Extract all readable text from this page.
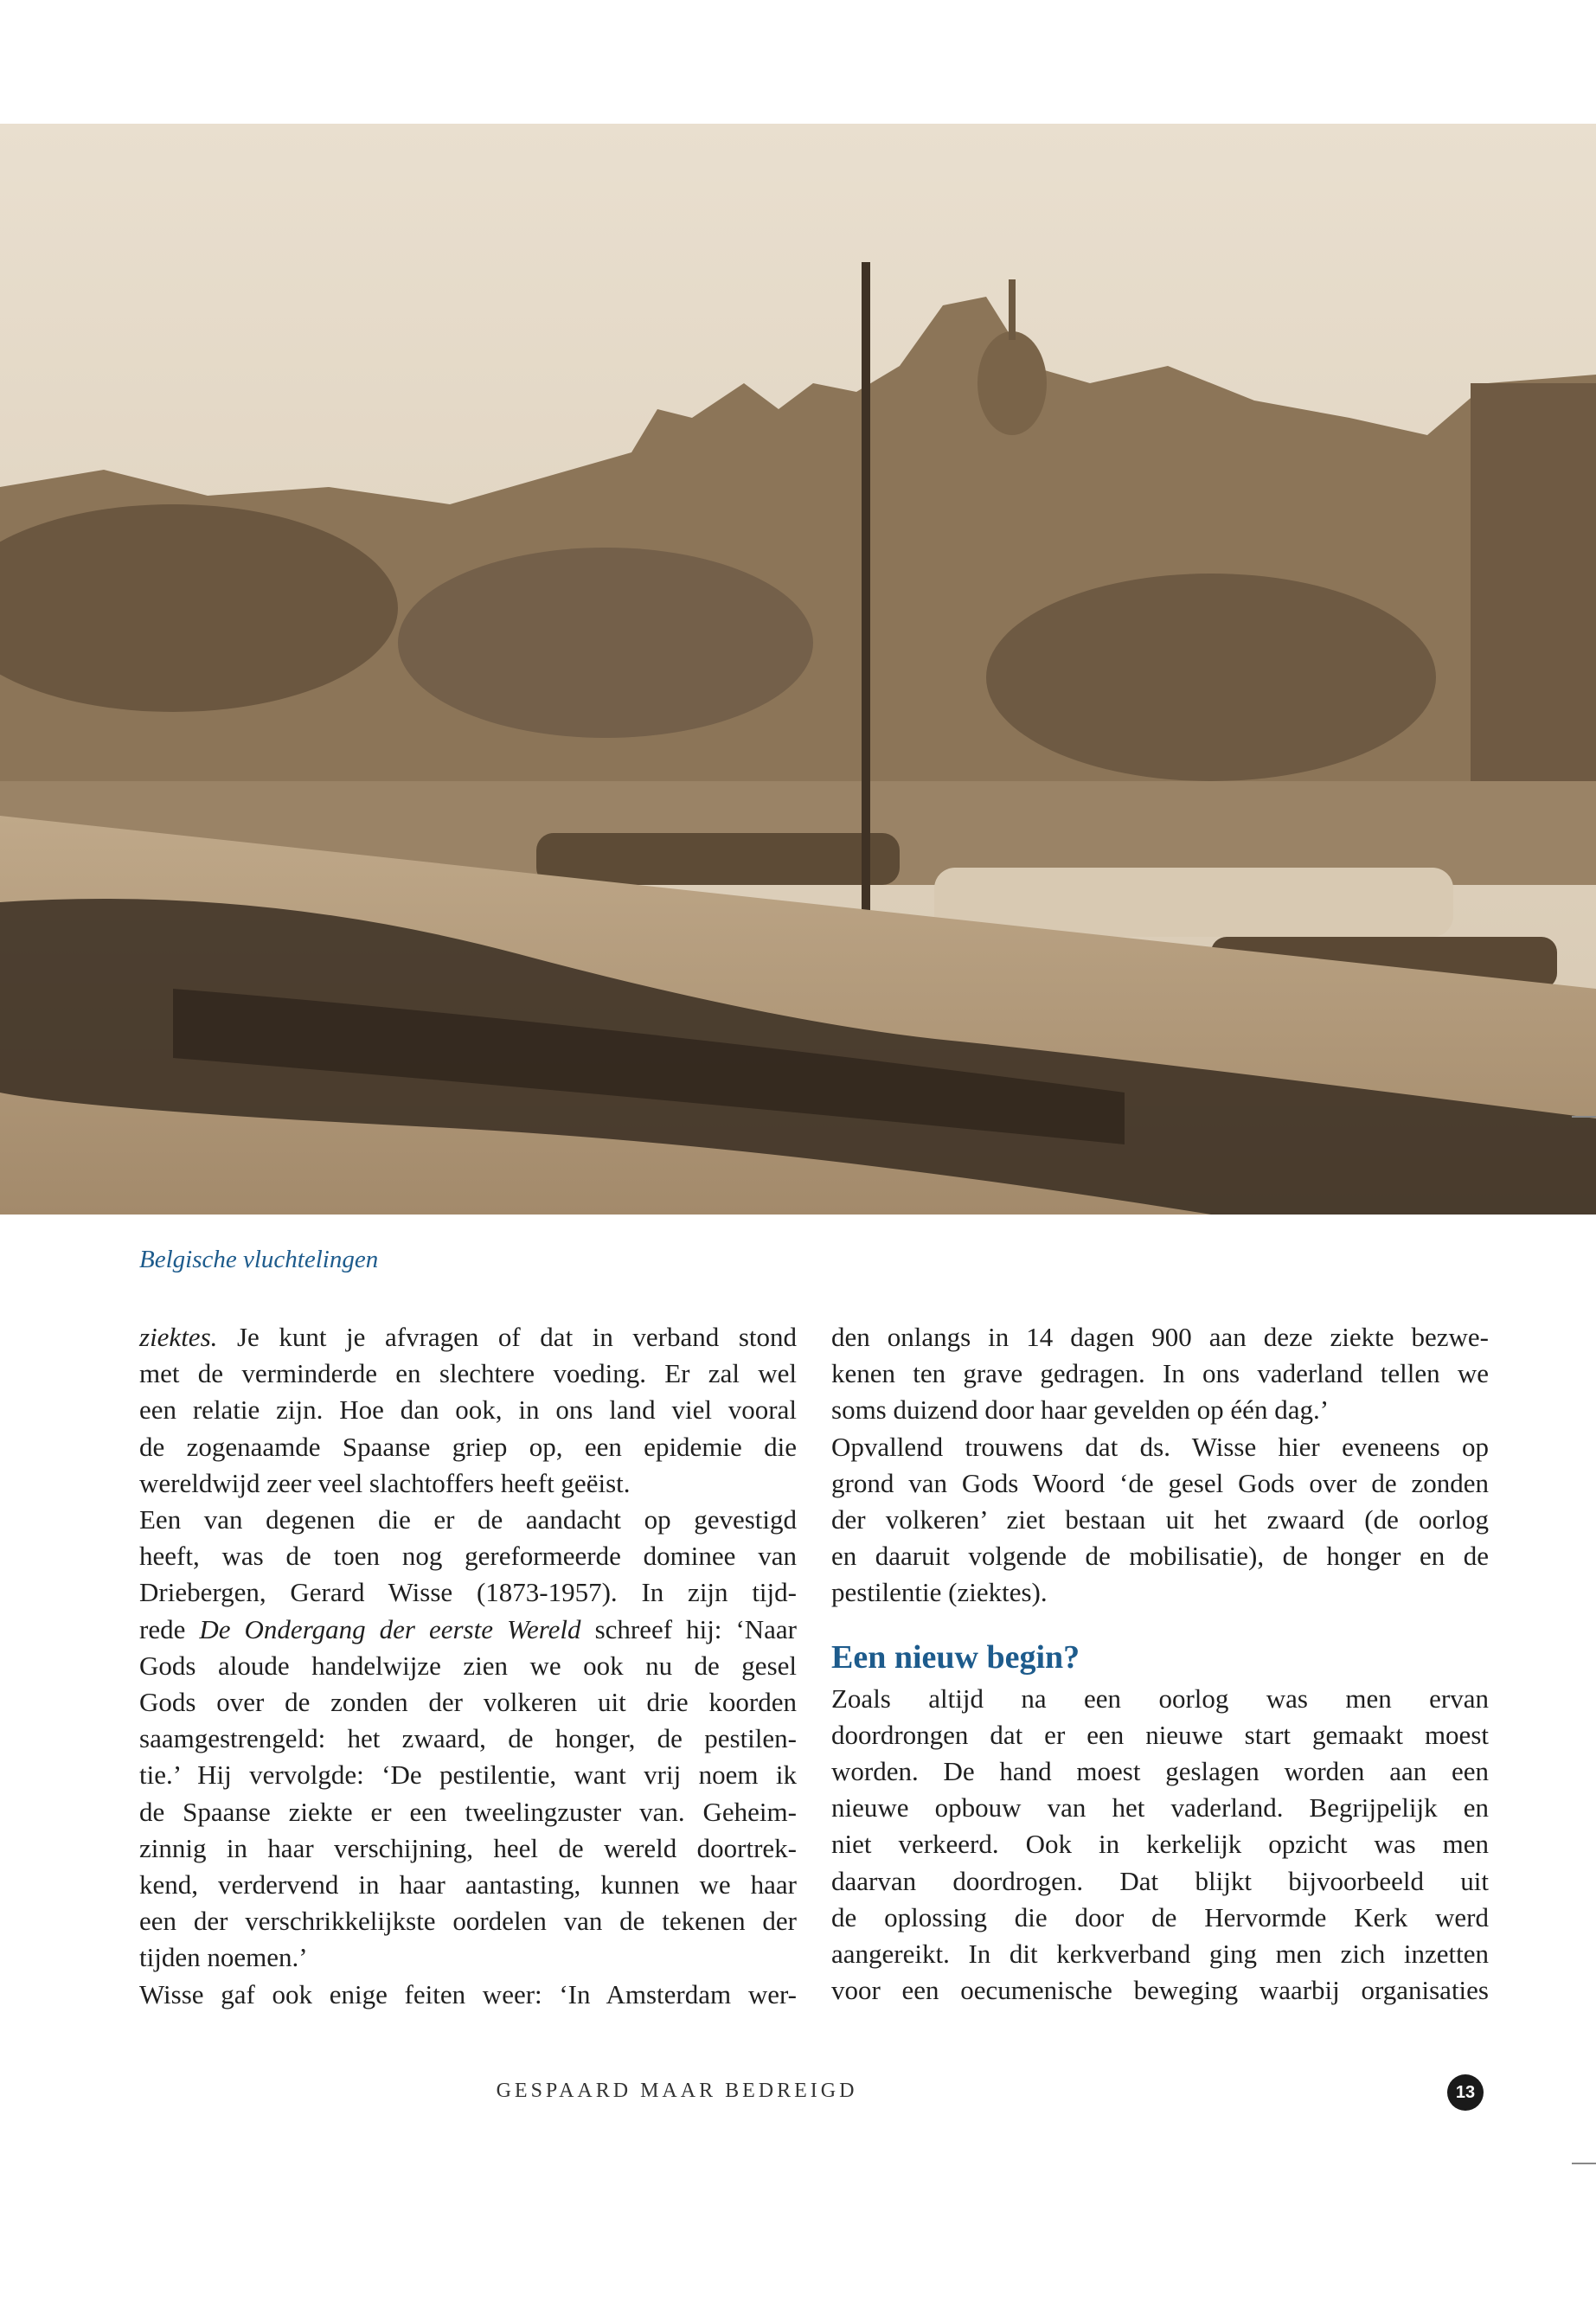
Belgische vluchtelingen

ziektes. Je kunt je afvragen of dat in verband stond
met de verminderde en slechtere voeding. Er zal wel
een relatie zijn. Hoe dan ook, in ons land viel vooral
de zogenaamde Spaanse griep op, een epidemie die
wereldwijd zeer veel slachtoffers heeft geëist.
Een van degenen die er de aandacht op gevestigd
heeft, was de toen nog gereformeerde dominee van
Driebergen, Gerard Wisse (1873-1957). In zijn tijd-
rede De Ondergang der eerste Wereld schreef hij: ‘Naar
Gods aloude handelwijze zien we ook nu de gesel
Gods over de zonden der volkeren uit drie koorden
saamgestrengeld: het zwaard, de honger, de pestilen-
tie.’ Hij vervolgde: ‘De pestilentie, want vrij noem ik
de Spaanse ziekte er een tweelingzuster van. Geheim-
zinnig in haar verschijning, heel de wereld doortrek-
kend, verdervend in haar aantasting, kunnen we haar
een der verschrikkelijkste oordelen van de tekenen der
tijden noemen.’
Wisse gaf ook enige feiten weer: ‘In Amsterdam wer-
den onlangs in 14 dagen 900 aan deze ziekte bezwe-
kenen ten grave gedragen. In ons vaderland tellen we
soms duizend door haar gevelden op één dag.’
Opvallend trouwens dat ds. Wisse hier eveneens op
grond van Gods Woord ‘de gesel Gods over de zonden
der volkeren’ ziet bestaan uit het zwaard (de oorlog
en daaruit volgende de mobilisatie), de honger en de
pestilentie (ziektes).
Een nieuw begin?
Zoals altijd na een oorlog was men ervan
doordrongen dat er een nieuwe start gemaakt moest
worden. De hand moest geslagen worden aan een
nieuwe opbouw van het vaderland. Begrijpelijk en
niet verkeerd. Ook in kerkelijk opzicht was men
daarvan doordrogen. Dat blijkt bijvoorbeeld uit
de oplossing die door de Hervormde Kerk werd
aangereikt. In dit kerkverband ging men zich inzetten
voor een oecumenische beweging waarbij organisaties
GESPAARD MAAR BEDREIGD	13
